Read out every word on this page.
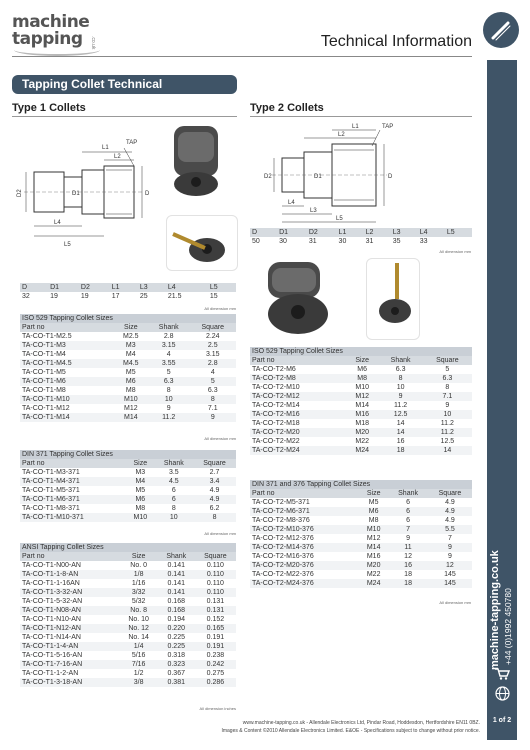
machine
tapping .co.uk	Technical Information
machine-tapping.co.uk +44 (0)1992 450780
1 of 2
Tapping Collet Technical
Type 1 Collets
L1
L2
TAP
L4
L5
D2	D
D1
D	D1	D2	L1	L3	L4	L5
32	19	19	17	25	21.5	15
All dimension mm
ISO 529 Tapping Collet Sizes			
Part no	Size	Shank	Square
TA-CO-T1-M2.5	M2.5	2.8	2.24
TA-CO-T1-M3	M3	3.15	2.5
TA-CO-T1-M4	M4	4	3.15
TA-CO-T1-M4.5	M4.5	3.55	2.8
TA-CO-T1-M5	M5	5	4
TA-CO-T1-M6	M6	6.3	5
TA-CO-T1-M8	M8	8	6.3
TA-CO-T1-M10	M10	10	8
TA-CO-T1-M12	M12	9	7.1
TA-CO-T1-M14	M14	11.2	9
All dimension mm
DIN 371 Tapping Collet Sizes			
Part no	Size	Shank	Square
TA-CO-T1-M3-371	M3	3.5	2.7
TA-CO-T1-M4-371	M4	4.5	3.4
TA-CO-T1-M5-371	M5	6	4.9
TA-CO-T1-M6-371	M6	6	4.9
TA-CO-T1-M8-371	M8	8	6.2
TA-CO-T1-M10-371	M10	10	8
All dimension mm
ANSI Tapping Collet Sizes			
Part no	Size	Shank	Square
TA-CO-T1-N00-AN	No. 0	0.141	0.110
TA-CO-T1-1-8-AN	1/8	0.141	0.110
TA-CO-T1-1-16AN	1/16	0.141	0.110
TA-CO-T1-3-32-AN	3/32	0.141	0.110
TA-CO-T1-5-32-AN	5/32	0.168	0.131
TA-CO-T1-N08-AN	No. 8	0.168	0.131
TA-CO-T1-N10-AN	No. 10	0.194	0.152
TA-CO-T1-N12-AN	No. 12	0.220	0.165
TA-CO-T1-N14-AN	No. 14	0.225	0.191
TA-CO-T1-1-4-AN	1/4	0.225	0.191
TA-CO-T1-5-16-AN	5/16	0.318	0.238
TA-CO-T1-7-16-AN	7/16	0.323	0.242
TA-CO-T1-1-2-AN	1/2	0.367	0.275
TA-CO-T1-3-18-AN	3/8	0.381	0.286
All dimension inches
Type 2 Collets
L1
L2
TAP
L4
L3
L5
D2	D
D1
D	D1	D2	L1	L2	L3	L4	L5
50	30	31	30	31	35	33	
All dimension mm
ISO 529 Tapping Collet Sizes			
Part no	Size	Shank	Square
TA-CO-T2-M6	M6	6.3	5
TA-CO-T2-M8	M8	8	6.3
TA-CO-T2-M10	M10	10	8
TA-CO-T2-M12	M12	9	7.1
TA-CO-T2-M14	M14	11.2	9
TA-CO-T2-M16	M16	12.5	10
TA-CO-T2-M18	M18	14	11.2
TA-CO-T2-M20	M20	14	11.2
TA-CO-T2-M22	M22	16	12.5
TA-CO-T2-M24	M24	18	14
DIN 371 and 376 Tapping Collet Sizes			
Part no	Size	Shank	Square
TA-CO-T2-M5-371	M5	6	4.9
TA-CO-T2-M6-371	M6	6	4.9
TA-CO-T2-M8-376	M8	6	4.9
TA-CO-T2-M10-376	M10	7	5.5
TA-CO-T2-M12-376	M12	9	7
TA-CO-T2-M14-376	M14	11	9
TA-CO-T2-M16-376	M16	12	9
TA-CO-T2-M20-376	M20	16	12
TA-CO-T2-M22-376	M22	18	145
TA-CO-T2-M24-376	M24	18	145
All dimension mm
www.machine-tapping.co.uk - Allendale Electronics Ltd, Pindar Road, Hoddesdon, Hertfordshire EN11 0BZ.
Images & Content ©2010 Allendale Electronics Limited. E&OE - Specifications subject to change without prior notice.
